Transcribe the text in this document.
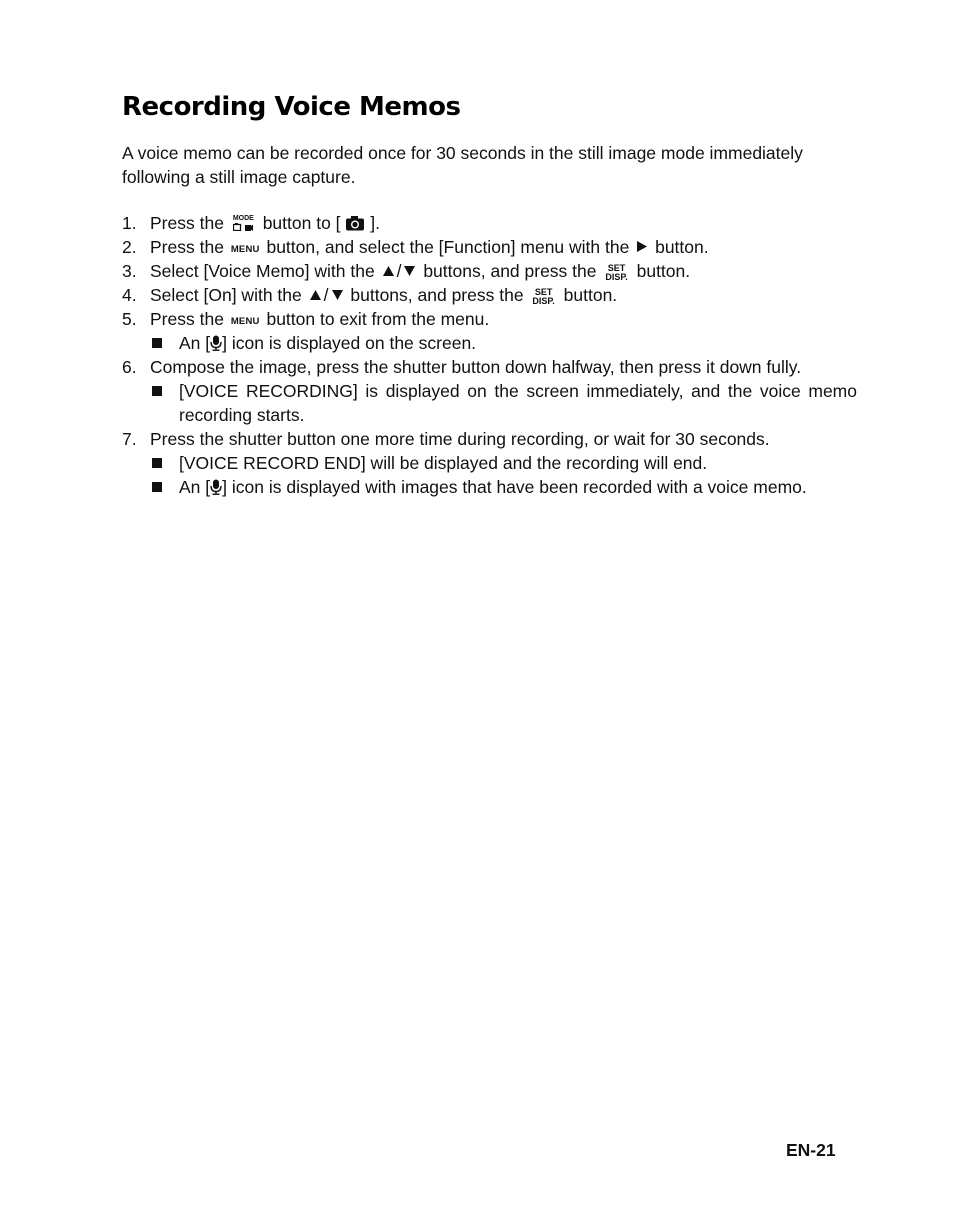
Recording Voice Memos

A voice memo can be recorded once for 30 seconds in the still image mode immediately following a still image capture.

1. Press the MODE button to [ ].
2. Press the MENU button, and select the [Function] menu with the button.
3. Select [Voice Memo] with the / buttons, and press the SET
DISP. button.
4. Select [On] with the / buttons, and press the SET
DISP. button.
5. Press the MENU button to exit from the menu.
An [ ] icon is displayed on the screen.
6. Compose the image, press the shutter button down halfway, then press it down fully.
[VOICE RECORDING] is displayed on the screen immediately, and the voice memo recording starts.
7. Press the shutter button one more time during recording, or wait for 30 seconds.
[VOICE RECORD END] will be displayed and the recording will end.
An [ ] icon is displayed with images that have been recorded with a voice memo.
EN-21
